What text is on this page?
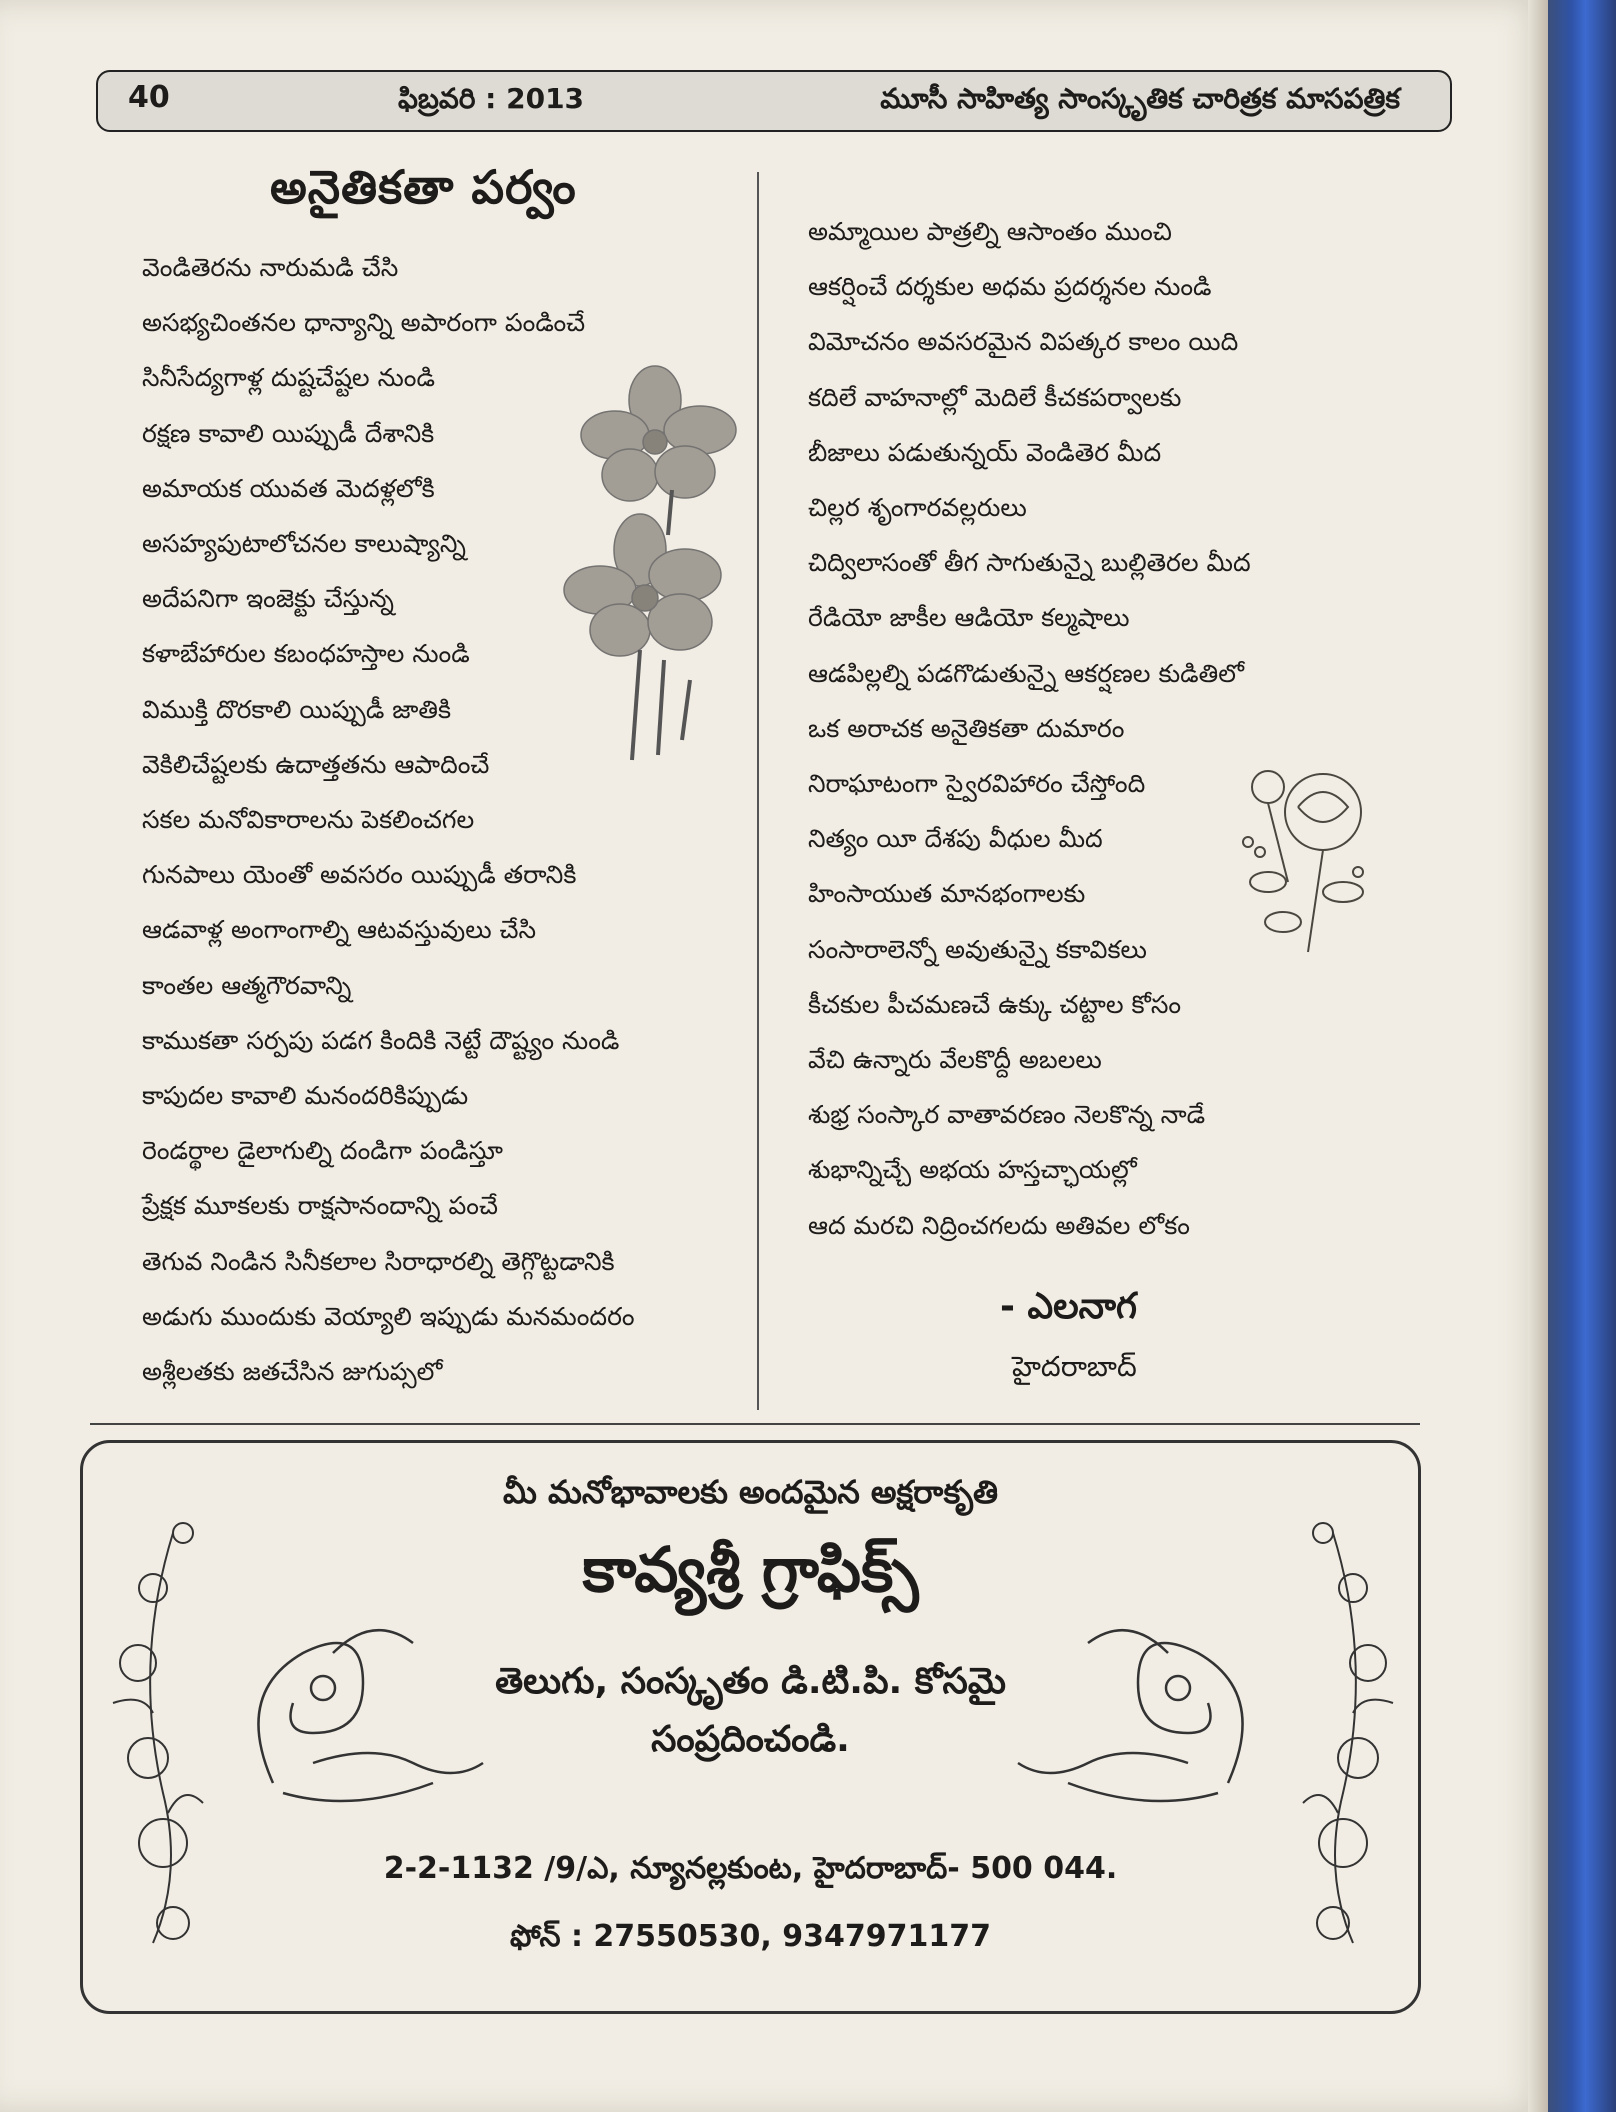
40	ఫిబ్రవరి : 2013	మూసీ సాహిత్య సాంస్కృతిక చారిత్రక మాసపత్రిక
అనైతికతా పర్వం
వెండితెరను నారుమడి చేసి
అసభ్యచింతనల ధాన్యాన్ని అపారంగా పండించే
సినీసేద్యగాళ్ల దుష్టచేష్టల నుండి
రక్షణ కావాలి యిప్పుడీ దేశానికి
అమాయక యువత మెదళ్లలోకి
అసహ్యపుటాలోచనల కాలుష్యాన్ని
అదేపనిగా ఇంజెక్టు చేస్తున్న
కళాబేహారుల కబంధహస్తాల నుండి
విముక్తి దొరకాలి యిప్పుడీ జాతికి
వెకిలిచేష్టలకు ఉదాత్తతను ఆపాదించే
సకల మనోవికారాలను పెకలించగల
గునపాలు యెంతో అవసరం యిప్పుడీ తరానికి
ఆడవాళ్ల అంగాంగాల్ని ఆటవస్తువులు చేసి
కాంతల ఆత్మగౌరవాన్ని
కాముకతా సర్పపు పడగ కిందికి నెట్టే దౌష్ట్యం నుండి
కాపుదల కావాలి మనందరికిప్పుడు
రెండర్థాల డైలాగుల్ని దండిగా పండిస్తూ
ప్రేక్షక మూకలకు రాక్షసానందాన్ని పంచే
తెగువ నిండిన సినీకలాల సిరాధారల్ని తెగ్గొట్టడానికి
అడుగు ముందుకు వెయ్యాలి ఇప్పుడు మనమందరం
అశ్లీలతకు జతచేసిన జుగుప్సలో
అమ్మాయిల పాత్రల్ని ఆసాంతం ముంచి
ఆకర్షించే దర్శకుల అధమ ప్రదర్శనల నుండి
విమోచనం అవసరమైన విపత్కర కాలం యిది
కదిలే వాహనాల్లో మెదిలే కీచకపర్వాలకు
బీజాలు పడుతున్నయ్ వెండితెర మీద
చిల్లర శృంగారవల్లరులు
చిద్విలాసంతో తీగ సాగుతున్నై బుల్లితెరల మీద
రేడియో జాకీల ఆడియో కల్మషాలు
ఆడపిల్లల్ని పడగొడుతున్నై ఆకర్షణల కుడితిలో
ఒక అరాచక అనైతికతా దుమారం
నిరాఘాటంగా స్వైరవిహారం చేస్తోంది
నిత్యం యీ దేశపు వీధుల మీద
హింసాయుత మానభంగాలకు
సంసారాలెన్నో అవుతున్నై కకావికలు
కీచకుల పీచమణచే ఉక్కు చట్టాల కోసం
వేచి ఉన్నారు వేలకొద్దీ అబలలు
శుభ్ర సంస్కార వాతావరణం నెలకొన్న నాడే
శుభాన్నిచ్చే అభయ హస్తచ్ఛాయల్లో
ఆద మరచి నిద్రించగలదు అతివల లోకం
- ఎలనాగ
హైదరాబాద్
మీ మనోభావాలకు అందమైన అక్షరాకృతి
కావ్యశ్రీ గ్రాఫిక్స్
తెలుగు, సంస్కృతం డి.టి.పి. కోసమై
సంప్రదించండి.
2-2-1132 /9/ఎ, న్యూనల్లకుంట, హైదరాబాద్- 500 044.
ఫోన్ : 27550530, 9347971177
